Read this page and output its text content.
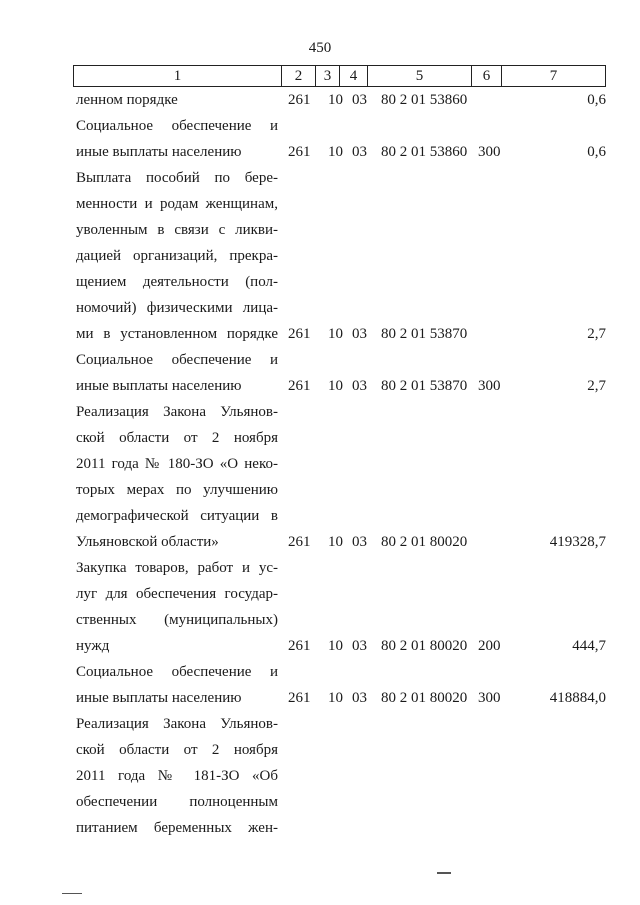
450
1	2	3	4	5	6	7
ленном порядке	261 10 03 80 2 01 53860	0,6
Социальное обеспечение и
иные выплаты населению	261 10 03 80 2 01 53860 300	0,6
Выплата пособий по бере-
менности и родам женщинам,
уволенным в связи с ликви-
дацией организаций, прекра-
щением деятельности (пол-
номочий) физическими лица-
ми в установленном порядке 261 10 03 80 2 01 53870	2,7
Социальное обеспечение и
иные выплаты населению	261 10 03 80 2 01 53870 300	2,7
Реализация Закона Ульянов-
ской области от 2 ноября
2011 года № 180-ЗО «О неко-
торых мерах по улучшению
демографической ситуации в
Ульяновской области»	261 10 03 80 2 01 80020	419328,7
Закупка товаров, работ и ус-
луг для обеспечения государ-
ственных (муниципальных)
нужд	261 10 03 80 2 01 80020 200	444,7
Социальное обеспечение и
иные выплаты населению	261 10 03 80 2 01 80020 300	418884,0
Реализация Закона Ульянов-
ской области от 2 ноября
2011 года № 181-ЗО «Об
обеспечении полноценным
питанием беременных жен-
